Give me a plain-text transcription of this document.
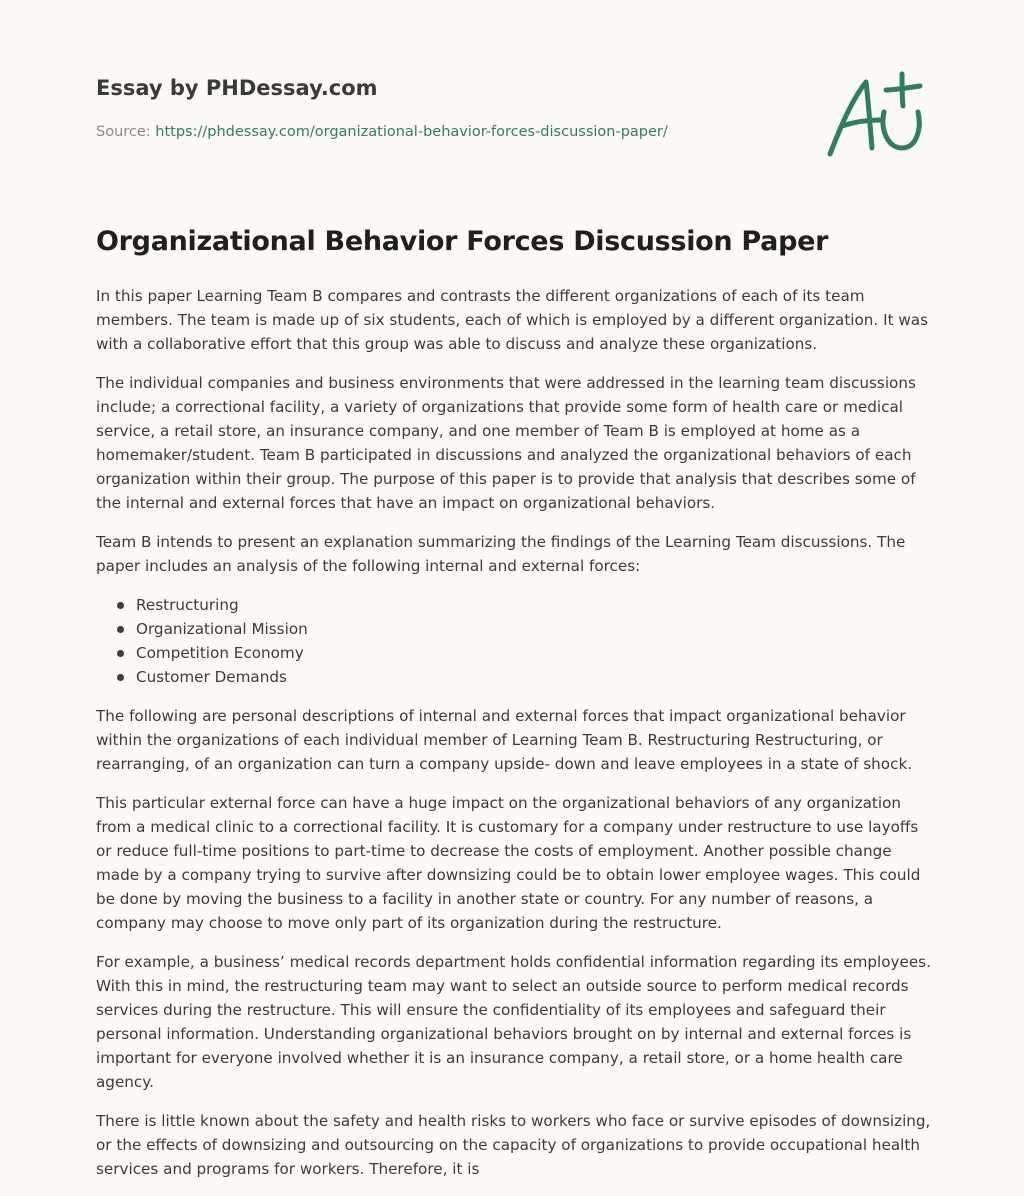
Essay by PHDessay.com
Source: https://phdessay.com/organizational-behavior-forces-discussion-paper/
Organizational Behavior Forces Discussion Paper

In this paper Learning Team B compares and contrasts the different organizations of each of its team members. The team is made up of six students, each of which is employed by a different organization. It was with a collaborative effort that this group was able to discuss and analyze these organizations.

The individual companies and business environments that were addressed in the learning team discussions include; a correctional facility, a variety of organizations that provide some form of health care or medical service, a retail store, an insurance company, and one member of Team B is employed at home as a homemaker/student. Team B participated in discussions and analyzed the organizational behaviors of each organization within their group. The purpose of this paper is to provide that analysis that describes some of the internal and external forces that have an impact on organizational behaviors.

Team B intends to present an explanation summarizing the findings of the Learning Team discussions. The paper includes an analysis of the following internal and external forces:

Restructuring
Organizational Mission
Competition Economy
Customer Demands

The following are personal descriptions of internal and external forces that impact organizational behavior within the organizations of each individual member of Learning Team B. Restructuring Restructuring, or rearranging, of an organization can turn a company upside- down and leave employees in a state of shock.

This particular external force can have a huge impact on the organizational behaviors of any organization from a medical clinic to a correctional facility. It is customary for a company under restructure to use layoffs or reduce full-time positions to part-time to decrease the costs of employment. Another possible change made by a company trying to survive after downsizing could be to obtain lower employee wages. This could be done by moving the business to a facility in another state or country. For any number of reasons, a company may choose to move only part of its organization during the restructure.

For example, a business’ medical records department holds confidential information regarding its employees. With this in mind, the restructuring team may want to select an outside source to perform medical records services during the restructure. This will ensure the confidentiality of its employees and safeguard their personal information. Understanding organizational behaviors brought on by internal and external forces is important for everyone involved whether it is an insurance company, a retail store, or a home health care agency.

There is little known about the safety and health risks to workers who face or survive episodes of downsizing, or the effects of downsizing and outsourcing on the capacity of organizations to provide occupational health services and programs for workers. Therefore, it is
